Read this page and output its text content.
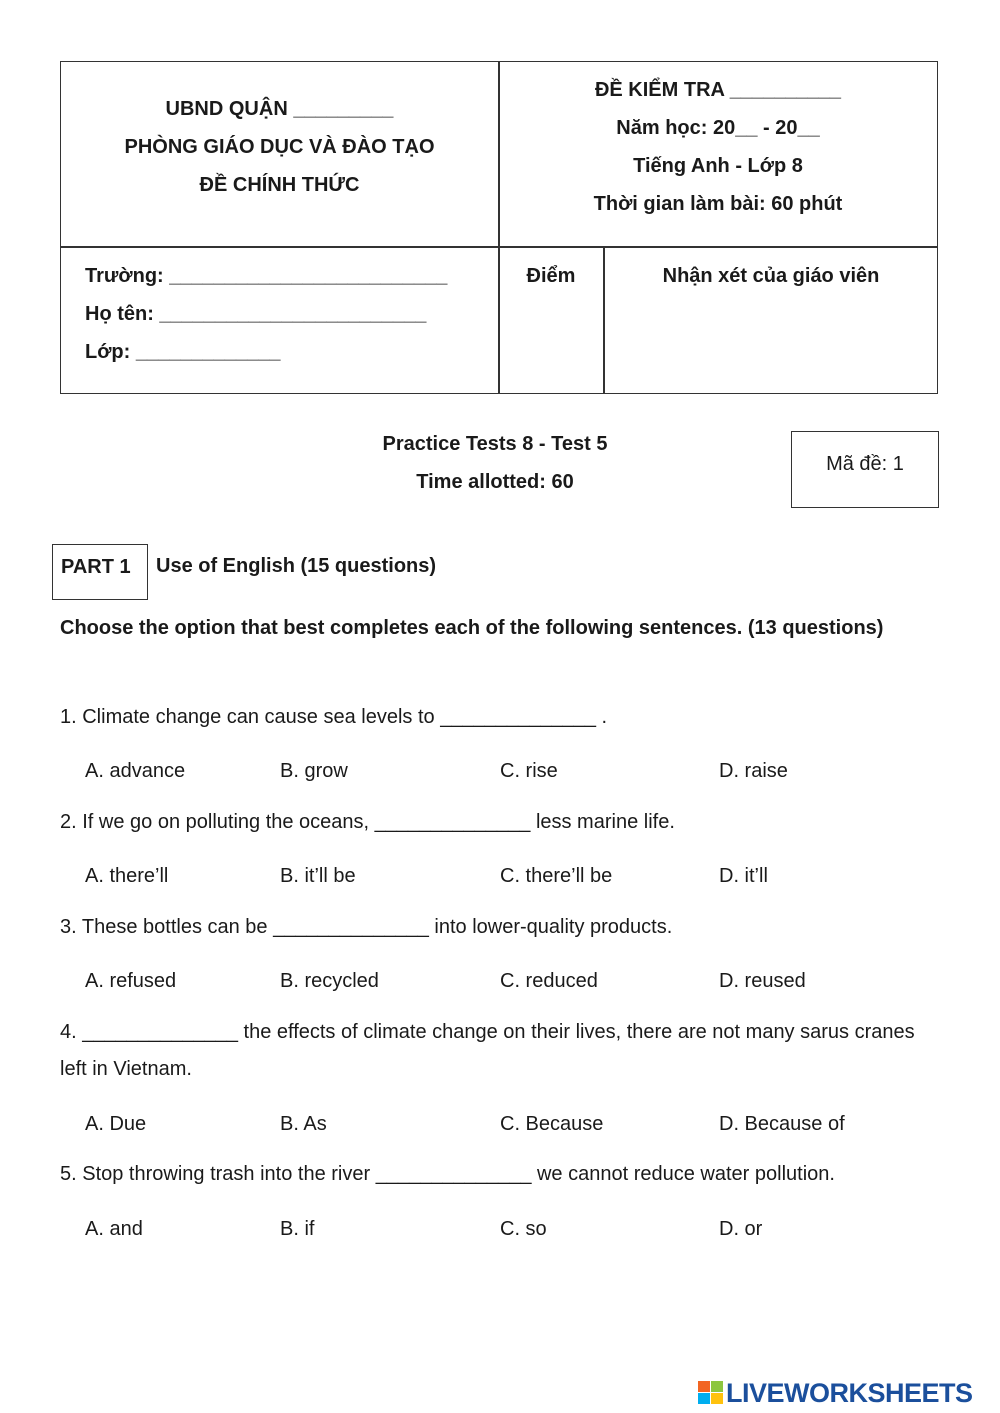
UBND QUẬN _________
PHÒNG GIÁO DỤC VÀ ĐÀO TẠO
ĐỀ CHÍNH THỨC
ĐỀ KIỂM TRA __________
Năm học: 20__ - 20__
Tiếng Anh - Lớp 8
Thời gian làm bài: 60 phút
Trường: _________________________
Họ tên: ________________________
Lớp: _____________
Điểm	Nhận xét của giáo viên
Practice Tests 8 - Test 5
Time allotted: 60
Mã đề: 1
PART 1 Use of English (15 questions)
Choose the option that best completes each of the following sentences. (13 questions)
1. Climate change can cause sea levels to ______________ .
A. advance	B. grow	C. rise	D. raise
2. If we go on polluting the oceans, ______________ less marine life.
A. there’ll	B. it’ll be	C. there’ll be	D. it’ll
3. These bottles can be ______________ into lower-quality products.
A. refused	B. recycled	C. reduced	D. reused
4. ______________ the effects of climate change on their lives, there are not many sarus cranes left in Vietnam.
A. Due	B. As	C. Because	D. Because of
5. Stop throwing trash into the river ______________ we cannot reduce water pollution.
A. and	B. if	C. so	D. or
LIVEWORKSHEETS
